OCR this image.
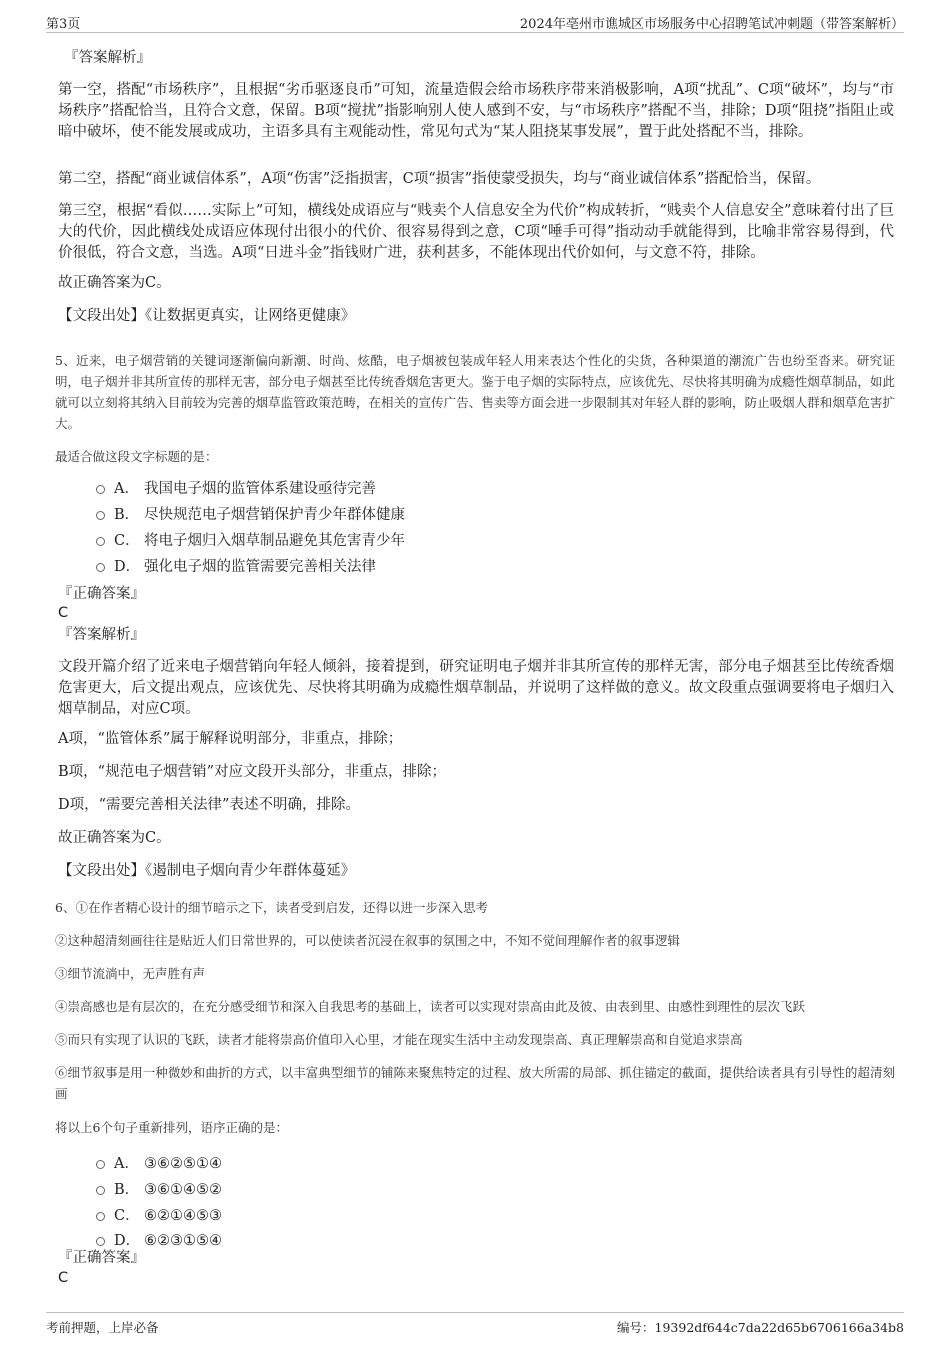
第3页	2024年亳州市谯城区市场服务中心招聘笔试冲刺题（带答案解析）
『答案解析』
第一空，搭配“市场秩序”，且根据“劣币驱逐良币”可知，流量造假会给市场秩序带来消极影响，A项“扰乱”、C项“破坏”，均与“市场秩序”搭配恰当，且符合文意，保留。B项“搅扰”指影响别人使人感到不安，与“市场秩序”搭配不当，排除；D项“阻挠”指阻止或暗中破坏，使不能发展或成功，主语多具有主观能动性，常见句式为“某人阻挠某事发展”，置于此处搭配不当，排除。
第二空，搭配“商业诚信体系”，A项“伤害”泛指损害，C项“损害”指使蒙受损失，均与“商业诚信体系”搭配恰当，保留。
第三空，根据“看似……实际上”可知，横线处成语应与“贱卖个人信息安全为代价”构成转折，“贱卖个人信息安全”意味着付出了巨大的代价，因此横线处成语应体现付出很小的代价、很容易得到之意，C项“唾手可得”指动动手就能得到，比喻非常容易得到，代价很低，符合文意，当选。A项“日进斗金”指钱财广进，获利甚多，不能体现出代价如何，与文意不符，排除。
故正确答案为C。
【文段出处】《让数据更真实，让网络更健康》
5、近来，电子烟营销的关键词逐渐偏向新潮、时尚、炫酷，电子烟被包装成年轻人用来表达个性化的尖货，各种渠道的潮流广告也纷至沓来。研究证明，电子烟并非其所宣传的那样无害，部分电子烟甚至比传统香烟危害更大。鉴于电子烟的实际特点，应该优先、尽快将其明确为成瘾性烟草制品，如此就可以立刻将其纳入目前较为完善的烟草监管政策范畴，在相关的宣传广告、售卖等方面会进一步限制其对年轻人群的影响，防止吸烟人群和烟草危害扩大。
最适合做这段文字标题的是：
A． 我国电子烟的监管体系建设亟待完善
B． 尽快规范电子烟营销保护青少年群体健康
C． 将电子烟归入烟草制品避免其危害青少年
D． 强化电子烟的监管需要完善相关法律
『正确答案』
C
『答案解析』
文段开篇介绍了近来电子烟营销向年轻人倾斜，接着提到，研究证明电子烟并非其所宣传的那样无害，部分电子烟甚至比传统香烟危害更大，后文提出观点，应该优先、尽快将其明确为成瘾性烟草制品，并说明了这样做的意义。故文段重点强调要将电子烟归入烟草制品，对应C项。
A项，“监管体系”属于解释说明部分，非重点，排除；
B项，“规范电子烟营销”对应文段开头部分，非重点，排除；
D项，“需要完善相关法律”表述不明确，排除。
故正确答案为C。
【文段出处】《遏制电子烟向青少年群体蔓延》
6、①在作者精心设计的细节暗示之下，读者受到启发，还得以进一步深入思考
②这种超清刻画往往是贴近人们日常世界的，可以使读者沉浸在叙事的氛围之中，不知不觉间理解作者的叙事逻辑
③细节流淌中，无声胜有声
④崇高感也是有层次的，在充分感受细节和深入自我思考的基础上，读者可以实现对崇高由此及彼、由表到里、由感性到理性的层次飞跃
⑤而只有实现了认识的飞跃，读者才能将崇高价值印入心里，才能在现实生活中主动发现崇高、真正理解崇高和自觉追求崇高
⑥细节叙事是用一种微妙和曲折的方式，以丰富典型细节的铺陈来聚焦特定的过程、放大所需的局部、抓住锚定的截面，提供给读者具有引导性的超清刻画
将以上6个句子重新排列，语序正确的是：
A． ③⑥②⑤①④
B． ③⑥①④⑤②
C． ⑥②①④⑤③
D． ⑥②③①⑤④
『正确答案』
C
考前押题，上岸必备	编号：19392df644c7da22d65b6706166a34b8
